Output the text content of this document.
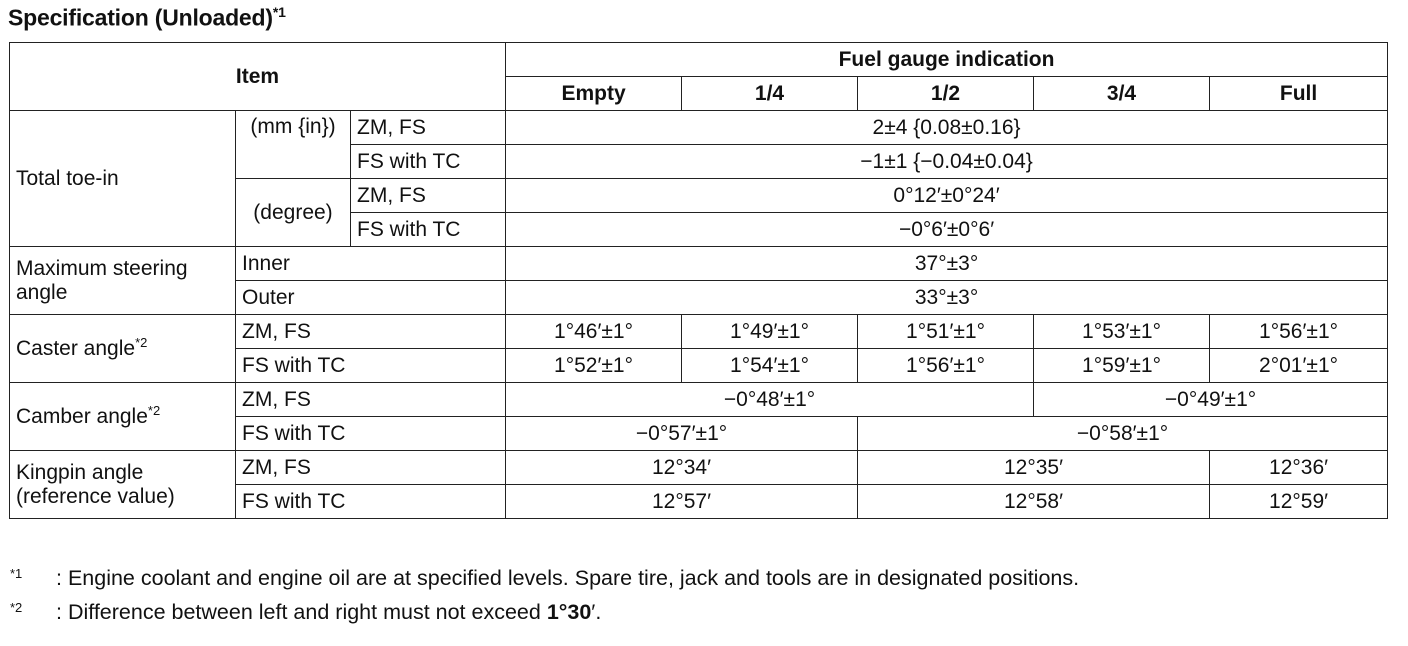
Specification (Unloaded)$^{*1}$
Item			Fuel gauge indication				
			Empty	1/4	1/2	3/4	Full
Total toe-in	(mm {in})	ZM, FS	2±4 {0.08±0.16}				
		FS with TC	−1±1 {−0.04±0.04}				
	(degree)	ZM, FS	0°12′±0°24′				
		FS with TC	−0°6′±0°6′				
Maximum steering angle	Inner		37°±3°				
	Outer		33°±3°				
Caster angle$^{*2}$	ZM, FS		1°46′±1°	1°49′±1°	1°51′±1°	1°53′±1°	1°56′±1°
	FS with TC		1°52′±1°	1°54′±1°	1°56′±1°	1°59′±1°	2°01′±1°
Camber angle$^{*2}$	ZM, FS		−0°48′±1°			−0°49′±1°	
	FS with TC		−0°57′±1°		−0°58′±1°		
Kingpin angle (reference value)	ZM, FS		12°34′		12°35′		12°36′
	FS with TC		12°57′		12°58′		12°59′
$^{*1}$	: Engine coolant and engine oil are at specified levels. Spare tire, jack and tools are in designated positions.
$^{*2}$	: Difference between left and right must not exceed 1°30′.
